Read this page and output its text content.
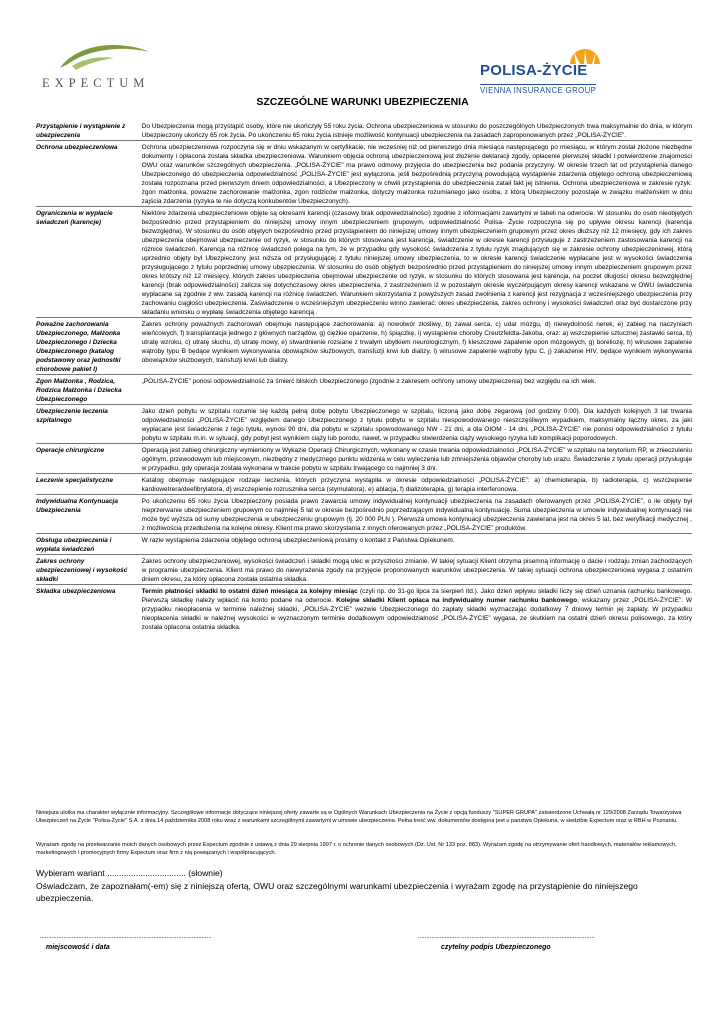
EXPECTUM
POLISA-ŻYCIE
VIENNA INSURANCE GROUP
SZCZEGÓLNE WARUNKI UBEZPIECZENIA
Przystąpienie i wystąpienie z ubezpieczenia	Do Ubezpieczenia mogą przystąpić osoby, które nie ukończyły 55 roku życia. Ochrona ubezpieczeniowa w stosunku do poszczególnych Ubezpieczonych trwa maksymalnie do dnia, w którym Ubezpieczony ukończy 65 rok życia. Po ukończeniu 65 roku życia istnieje możliwość kontynuacji ubezpieczenia na zasadach zaproponowanych przez „POLISA-ŻYCIE”.
Ochrona ubezpieczeniowa	Ochrona ubezpieczeniowa rozpoczyna się w dniu wskazanym w certyfikacie, nie wcześniej niż od pierwszego dnia miesiąca następującego po miesiącu, w którym został złożone niezbędne dokumenty i opłacona została składka ubezpieczeniowa. Warunkiem objęcia ochroną ubezpieczeniową jest złożenie deklaracji zgody, opłacenie pierwszej składki i potwierdzenie znajomości OWU oraz warunków szczególnych ubezpieczenia. „POLISA-ŻYCIE” ma prawo odmowy przyjęcia do ubezpieczenia bez podania przyczyny. W okresie trzech lat od przystąpienia danego Ubezpieczonego do ubezpieczenia odpowiedzialność „POLISA-ŻYCIE” jest wyłączona, jeśli bezpośrednią przyczyną powodującą wystąpienie zdarzenia objętego ochroną ubezpieczeniową została rozpoznana przed pierwszym dniem odpowiedzialności, a Ubezpieczony w chwili przystąpienia do ubezpieczenia zataił fakt jej istnienia. Ochrona ubezpieczeniowa w zakresie ryzyk: zgon małżonka, poważne zachorowanie małżonka, zgon rodziców małżonka, dotyczy małżonka rozumianego jako osoba, z którą Ubezpieczony pozostaje w związku małżeńskim w dniu zajścia zdarzenia (ryzyka te nie dotyczą konkubentów Ubezpieczonych).
Ograniczenia w wypłacie świadczeń (karencje)	Niektóre zdarzenia ubezpieczeniowe objęte są okresami karencji (czasowy brak odpowiedzialności) zgodnie z informacjami zawartymi w tabeli na odwrocie. W stosunku do osób nieobjętych bezpośrednio przed przystąpieniem do niniejszej umowy innym ubezpieczeniem grupowym, odpowiedzialność Polisa- Życie rozpoczyna się po upływie okresu karencji (karencja bezwzględna). W stosunku do osób objętych bezpośrednio przed przystąpieniem do niniejszej umowy innym ubezpieczeniem grupowym przez okres dłuższy niż 12 miesięcy, gdy ich zakres ubezpieczenia obejmował ubezpieczenie od ryzyk, w stosunku do których stosowana jest karencja, świadczenie w okresie karencji przysługuje z zastrzeżeniem zastosowania karencji na różnice świadczeń. Karencja na różnicę świadczeń polega na tym, że w przypadku gdy wysokość świadczenia z tytułu ryzyk znajdujących się w zakresie ochrony ubezpieczeniowej, którą uprzednio objęty był Ubezpieczony jest niższa od przysługującej z tytułu niniejszej umowy ubezpieczenia, to w okresie karencji świadczenie wypłacane jest w wysokości świadczenia przysługującego z tytułu poprzedniej umowy ubezpieczenia. W stosunku do osób objętych bezpośrednio przed przystąpieniem do niniejszej umowy innym ubezpieczeniem grupowym przez okres krótszy niż 12 miesięcy, których zakres ubezpieczenia obejmował ubezpieczenie od ryzyk, w stosunku do których stosowana jest karencja, na poczet długości okresu bezwzględnej karencji (brak odpowiedzialności) zalicza się dotychczasowy okres ubezpieczenia, z zastrzeżeniem iż w pozostałym okresie wyczerpującym okresy karencji wskazane w OWU świadczenia wypłacane są zgodnie z ww. zasadą karencji na różnicę świadczeń. Warunkiem skorzystania z powyższych zasad zwolnienia z karencji jest rezygnacja z wcześniejszego ubezpieczenia przy zachowaniu ciągłości ubezpieczenia. Zaświadczenie o wcześniejszym ubezpieczeniu winno zawierać: okres ubezpieczenia, zakres ochrony i wysokości świadczeń oraz być dostarczone przy składaniu wniosku o wypłatę świadczenia objętego karencją .
Poważne zachorowania Ubezpieczonego, Małżonka Ubezpieczonego i Dziecka Ubezpieczonego (katalog podstawowy oraz jednostki chorobowe pakiet I)	Zakres ochrony poważnych zachorowań obejmuje następujące zachorowania: a) nowotwór złośliwy, b) zawał serca, c) udar mózgu, d) niewydolność nerek, e) zabieg na naczyniach wieńcowych, f) transplantacja jednego z głównych narządów, g) ciężkie oparzenie, h) śpiączkę, i) wystąpienie choroby Creutzfeldta-Jakoba, oraz: a) wszczepienie sztucznej zastawki serca, b) utratę wzroku, c) utratę słuchu, d) utratę mowy, e) stwardnienie rozsiane z trwałym ubytkiem neurologicznym, f) kleszczowe zapalenie opon mózgowych, g) boreliozę, h) wirusowe zapalenie wątroby typu B będące wynikiem wykonywania obowiązków służbowych, transfuzji krwi lub dializy, i) wirusowe zapalenie wątroby typu C, j) zakażenie HIV, będące wynikiem wykonywania obowiązków służbowych, transfuzji krwii lub dializy.
Zgon Małżonka , Rodzica, Rodzica Małżonka i Dziecka Ubezpieczonego	„POLISA-ŻYCIE” ponosi odpowiedzialność za śmierć bliskich Ubezpieczonego (zgodnie z zakresem ochrony umowy ubezpieczenia) bez względu na ich wiek.
Ubezpieczenie leczenia szpitalnego	Jako dzień pobytu w szpitalu rozumie się każdą pełną dobę pobytu Ubezpieczonego w szpitalu, liczoną jako dobę zegarową (od godziny 0:00). Dla każdych kolejnych 3 lat trwania odpowiedzialności „POLISA-ŻYCIE” względem danego Ubezpieczonego z tytułu pobytu w szpitalu niespowodowanego nieszczęśliwym wypadkiem, maksymalny łączny okres, za jaki wypłacane jest świadczenie z tego tytułu, wynosi 90 dni, dla pobytu w szpitalu spowodowanego NW - 21 dni, a dla OIOM - 14 dni. „POLISA-ŻYCIE” nie ponosi odpowiedzialności z tytułu pobytu w szpitalu m.in. w sytuacji, gdy pobyt jest wynikiem ciąży lub porodu, nawet, w przypadku stwierdzenia ciąży wysokiego ryzyka lub komplikacji poporodowych.
Operacje chirurgiczne	Operacją jest zabieg chirurgiczny wymieniony w Wykazie Operacji Chirurgicznych, wykonany w czasie trwania odpowiedzialności „POLISA-ŻYCIE” w szpitalu na terytorium RP, w znieczuleniu ogólnym, przewodowym lub miejscowym, niezbędny z medycznego punktu widzenia w celu wyleczenia lub zmniejszenia objawów choroby lub urazu. Świadczenie z tytułu operacji przysługuje w przypadku, gdy operacja została wykonana w trakcie pobytu w szpitalu trwającego co najmniej 3 dni.
Leczenie specjalistyczne	Katalog obejmuje następujące rodzaje leczenia, których przyczyna wystąpiła w okresie odpowiedzialności „POLISA-ŻYCIE”: a) chemioterapia, b) radioterapia, c) wszczepienie kardiowetrera/deefibrylatora, d) wszczepienie rozrusznika serca (stymulatora), e) ablacja, f) dializoterapia, g) terapia interferonowa.
Indywidualna Kontynuacja Ubezpieczenia	Po ukończeniu 65 roku życia Ubezpieczony posiada prawo zawarcia umowy indywidualnej kontynuacji ubezpieczenia na zasadach oferowanych przez „POLISA-ŻYCIE”, o ile objęty był nieprzerwanie ubezpieczeniem grupowym co najmniej 5 lat w okresie bezpośrednio poprzedzającym indywidualną kontynuację. Suma ubezpieczenia w umowie indywidualnej kontynuacji nie może być wyższa od sumy ubezpieczenia w ubezpieczeniu grupowym (tj. 20 000 PLN ). Pierwsza umowa kontynuacji ubezpieczenia zawierana jest na okres 5 lat, bez weryfikacji medycznej , z możliwością przedłużenia na kolejne okresy. Klient ma prawo skorzystania z innych oferowanych przez „POLISA-ŻYCIE” produktów.
Obsługa ubezpieczenia i wypłata świadczeń	W razie wystąpienia zdarzenia objętego ochroną ubezpieczeniową prosimy o kontakt z Państwa Opiekunem.
Zakres ochrony ubezpieczeniowej i wysokość składki	Zakres ochrony ubezpieczeniowej, wysokości świadczeń i składki mogą ulec w przyszłości zmianie. W takiej sytuacji Klient otrzyma pisemną informację o dacie i rodzaju zmian zachodzących w programie ubezpieczenia. Klient ma prawo do niewyrażenia zgody na przyjęcie proponowanych warunków ubezpieczenia. W takiej sytuacji ochrona ubezpieczeniowa wygasa z ostatnim dniem okresu, za który opłacona została ostatnia składka.
Składka ubezpieczeniowa	Termin płatności składki to ostatni dzień miesiąca za kolejny miesiąc (czyli np. do 31-go lipca za sierpień itd.). Jako dzień wpływu składki liczy się dzień uznania rachunku bankowego. Pierwszą składkę należy wpłacić na konto podane na odwrocie. Kolejne składki Klient opłaca na indywidualny numer rachunku bankowego, wskazany przez „POLISA-ŻYCIE”. W przypadku nieopłacenia w terminie należnej składki, „POLISA-ŻYCIE” wezwie Ubezpieczonego do zapłaty składki wyznaczając dodatkowy 7 dniowy termin jej zapłaty. W przypadku nieopłacenia składki w należnej wysokości w wyznaczonym terminie dodatkowym odpowiedzialność „POLISA-ŻYCIE” wygasa, ze skutkiem na ostatni dzień okresu polisowego, za który została opłacona ostatnia składka.
Niniejsza ulotka ma charakter wyłącznie informacyjny. Szczegółowe informacje dotyczące niniejszej oferty zawarte są w Ogólnych Warunkach Ubezpieczenia na Życie z opcją funduszy "SUPER GRUPA" zatwierdzone Uchwałą nr 129/2008 Zarządu Towarzystwa Ubezpieczeń na Życie "Polisa-Życie" S.A. z dnia 14 października 2008 roku wraz z warunkami szczególnymi zawartymi w umowie ubezpieczenia. Pełna treść ww. dokumentów dostępna jest u panstwa Opiekuna, w siedzibie Expectum oraz w RBH w Poznaniu.
Wyrażam zgodę na przetwarzanie moich danych osobowych przez Expectum zgodnie z ustawą z dnia 29 sierpnia 1997 r. o ochronie danych osobowych (Dz. Ust. Nr 133 poz. 883). Wyrażam zgodę na otrzymywanie ofert handlowych, materiałów reklamowych, marketingowych i promocyjnych firmy Expectum oraz firm z nią powiązanych i współpracujących.
Wybieram wariant ................................. (słownie)
Oświadczam, że zapoznałam(-em) się z niniejszą ofertą, OWU oraz szczególnymi warunkami ubezpieczenia i wyrażam zgodę na przystąpienie do niniejszego ubezpieczenia.
.......................................................................................................
miejscowość i data
..........................................................................................................
czytelny podpis Ubezpieczonego
